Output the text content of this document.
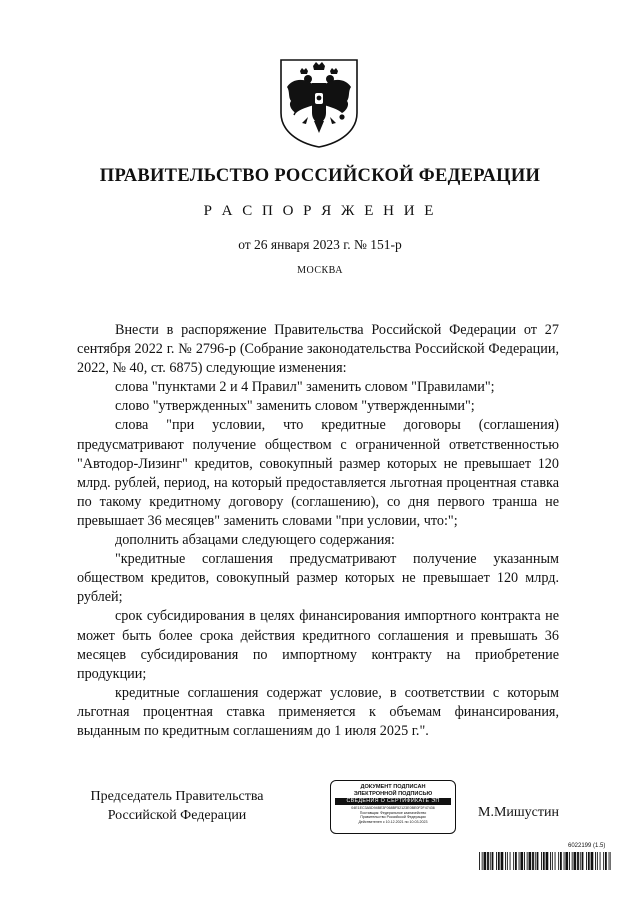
ПРАВИТЕЛЬСТВО РОССИЙСКОЙ ФЕДЕРАЦИИ
Р А С П О Р Я Ж Е Н И Е
от 26 января 2023 г. № 151-р
МОСКВА

Внести в распоряжение Правительства Российской Федерации от 27 сентября 2022 г. № 2796-р (Собрание законодательства Российской Федерации, 2022, № 40, ст. 6875) следующие изменения:

слова "пунктами 2 и 4 Правил" заменить словом "Правилами";

слово "утвержденных" заменить словом "утвержденными";

слова "при условии, что кредитные договоры (соглашения) предусматривают получение обществом с ограниченной ответственностью "Автодор-Лизинг" кредитов, совокупный размер которых не превышает 120 млрд. рублей, период, на который предоставляется льготная процентная ставка по такому кредитному договору (соглашению), со дня первого транша не превышает 36 месяцев" заменить словами "при условии, что:";

дополнить абзацами следующего содержания:

"кредитные соглашения предусматривают получение указанным обществом кредитов, совокупный размер которых не превышает 120 млрд. рублей;

срок субсидирования в целях финансирования импортного контракта не может быть более срока действия кредитного соглашения и превышать 36 месяцев субсидирования по импортному контракту на приобретение продукции;

кредитные соглашения содержат условие, в соответствии с которым льготная процентная ставка применяется к объемам финансирования, выданным по кредитным соглашениям до 1 июля 2025 г.".

Председатель Правительства
Российской Федерации
ДОКУМЕНТ ПОДПИСАН
ЭЛЕКТРОННОЙ ПОДПИСЬЮ
СВЕДЕНИЯ О СЕРТИФИКАТЕ ЭП
04E1EC3A5D94BE3F068BF52123E0BE0F2F47436
Поставщик: Федеральное казначейство
Правительство Российской Федерации
Действителен с 10.12.2021 по 10.03.2023
М.Мишустин
6022199 (1.5)
